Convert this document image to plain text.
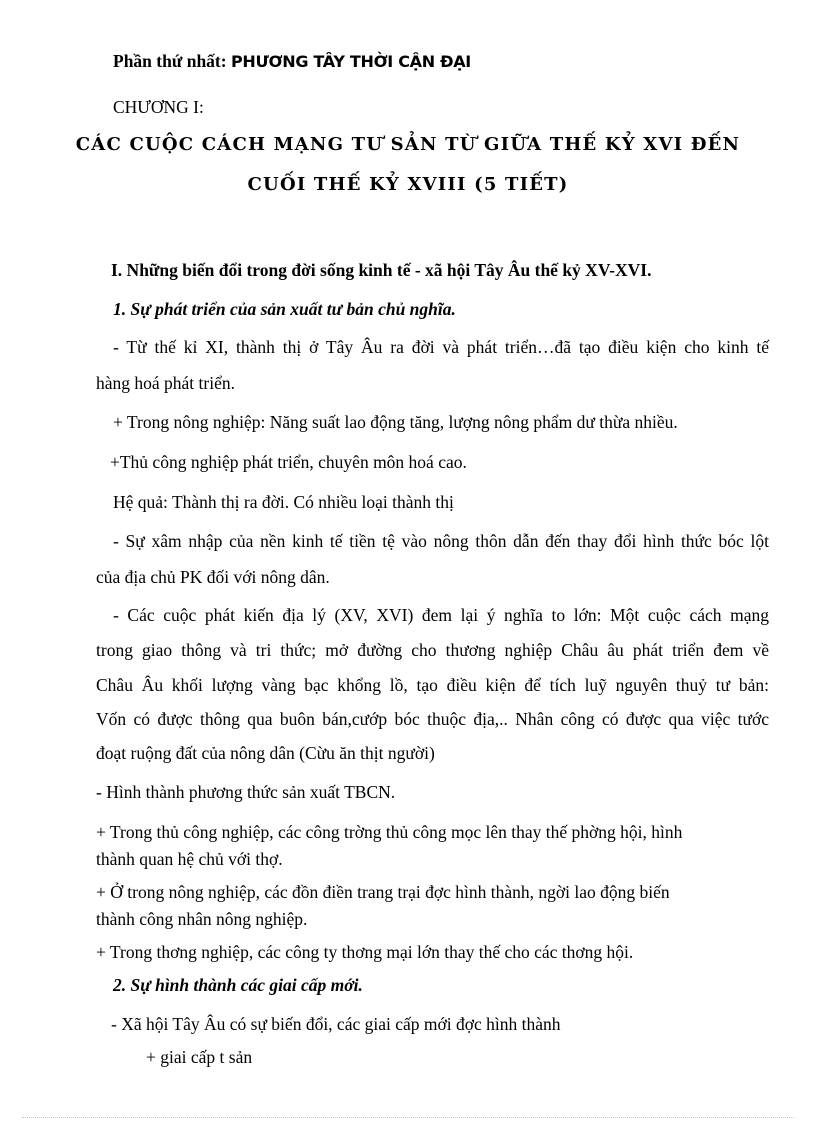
Phần thứ nhất: PHƯƠNG TÂY THỜI CẬN ĐẠI
CHƯƠNG I:
CÁC CUỘC CÁCH MẠNG TƯ SẢN TỪ GIỮA THẾ KỶ XVI ĐẾN
CUỐI THẾ KỶ XVIII (5 TIẾT)
I. Những biến đổi trong đời sống kinh tế - xã hội Tây Âu thế kỷ XV-XVI.
1. Sự phát triển của sản xuất tư bản chủ nghĩa.
- Từ thế kỉ XI, thành thị ở Tây Âu ra đời và phát triển…đã tạo điều kiện cho kinh tế
hàng hoá phát triển.
+ Trong nông nghiệp: Năng suất lao động tăng, lượng nông phẩm dư thừa nhiều.
+Thủ công nghiệp phát triển, chuyên môn hoá cao.
Hệ quả: Thành thị ra đời. Có nhiều loại thành thị
- Sự xâm nhập của nền kinh tế tiền tệ vào nông thôn dẫn đến thay đổi hình thức bóc lột
của địa chủ PK đối với nông dân.
- Các cuộc phát kiến địa lý (XV, XVI) đem lại ý nghĩa to lớn: Một cuộc cách mạng
trong giao thông và tri thức; mở đường cho thương nghiệp Châu âu phát triển đem về
Châu Âu khối lượng vàng bạc khổng lồ, tạo điều kiện để tích luỹ nguyên thuỷ tư bản:
Vốn có được thông qua buôn bán,cướp bóc thuộc địa,.. Nhân công có được qua việc tước
đoạt ruộng đất của nông dân (Cừu ăn thịt người)
- Hình thành phương thức sản xuất TBCN.
+ Trong thủ công nghiệp, các công trờng thủ công mọc lên thay thế phờng hội, hình
thành quan hệ chủ với thợ.
+ Ở trong nông nghiệp, các đồn điền trang trại đợc hình thành, ngời lao động biến
thành công nhân nông nghiệp.
+ Trong thơng nghiệp, các công ty thơng mại lớn thay thế cho các thơng hội.
2. Sự hình thành các giai cấp mới.
- Xã hội Tây Âu có sự biến đổi, các giai cấp mới đợc hình thành
+ giai cấp t sản
